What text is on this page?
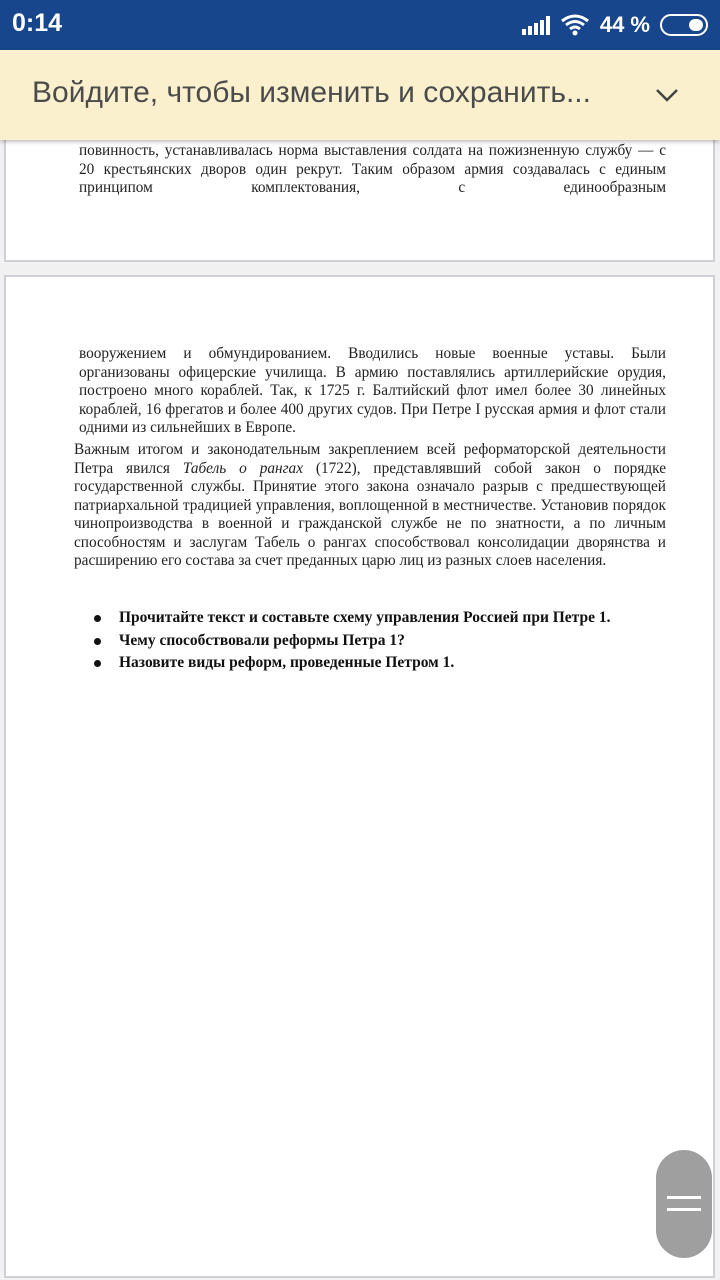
0:14	44 %
Войдите, чтобы изменить и сохранить...

повинность, устанавливалась норма выставления солдата на пожизненную службу — с 20 крестьянских дворов один рекрут. Таким образом армия создавалась с единым принципом комплектования, с единообразным

вооружением и обмундированием. Вводились новые военные уставы. Были организованы офицерские училища. В армию поставлялись артиллерийские орудия, построено много кораблей. Так, к 1725 г. Балтийский флот имел более 30 линейных кораблей, 16 фрегатов и более 400 других судов. При Петре I русская армия и флот стали одними из сильнейших в Европе.

Важным итогом и законодательным закреплением всей реформаторской деятельности Петра явился Табель о рангах (1722), представлявший собой закон о порядке государственной службы. Принятие этого закона означало разрыв с предшествующей патриархальной традицией управления, воплощенной в местничестве. Установив порядок чинопроизводства в военной и гражданской службе не по знатности, а по личным способностям и заслугам Табель о рангах способствовал консолидации дворянства и расширению его состава за счет преданных царю лиц из разных слоев населения.

Прочитайте текст и составьте схему управления Россией при Петре 1.
Чему способствовали реформы Петра 1?
Назовите виды реформ, проведенные Петром 1.
